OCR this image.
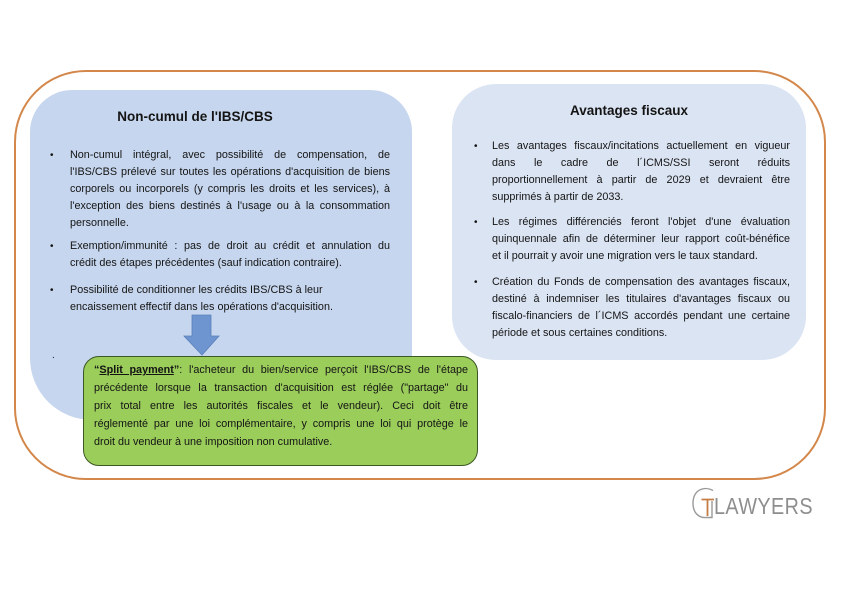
Non-cumul de l'IBS/CBS
• Non-cumul intégral, avec possibilité de compensation, de
l'IBS/CBS prélevé sur toutes les opérations d'acquisition de biens
corporels ou incorporels (y compris les droits et les services), à
l'exception des biens destinés à l'usage ou à la consommation
personnelle.
• Exemption/immunité : pas de droit au crédit et annulation du
crédit des étapes précédentes (sauf indication contraire).
• Possibilité de conditionner les crédits IBS/CBS à leur
encaissement effectif dans les opérations d'acquisition.
.
Avantages fiscaux
• Les avantages fiscaux/incitations actuellement en vigueur
dans le cadre de l´ICMS/SSI seront réduits
proportionnellement à partir de 2029 et devraient être
supprimés à partir de 2033.
• Les régimes différenciés feront l'objet d'une évaluation
quinquennale afin de déterminer leur rapport coût-bénéfice
et il pourrait y avoir une migration vers le taux standard.
• Création du Fonds de compensation des avantages fiscaux,
destiné à indemniser les titulaires d'avantages fiscaux ou
fiscalo-financiers de l´ICMS accordés pendant une certaine
période et sous certaines conditions.
“Split payment”: l'acheteur du bien/service perçoit l'IBS/CBS de l'étape
précédente lorsque la transaction d'acquisition est réglée ("partage" du
prix total entre les autorités fiscales et le vendeur). Ceci doit être
réglementé par une loi complémentaire, y compris une loi qui protège le
droit du vendeur à une imposition non cumulative.
LAWYERS
